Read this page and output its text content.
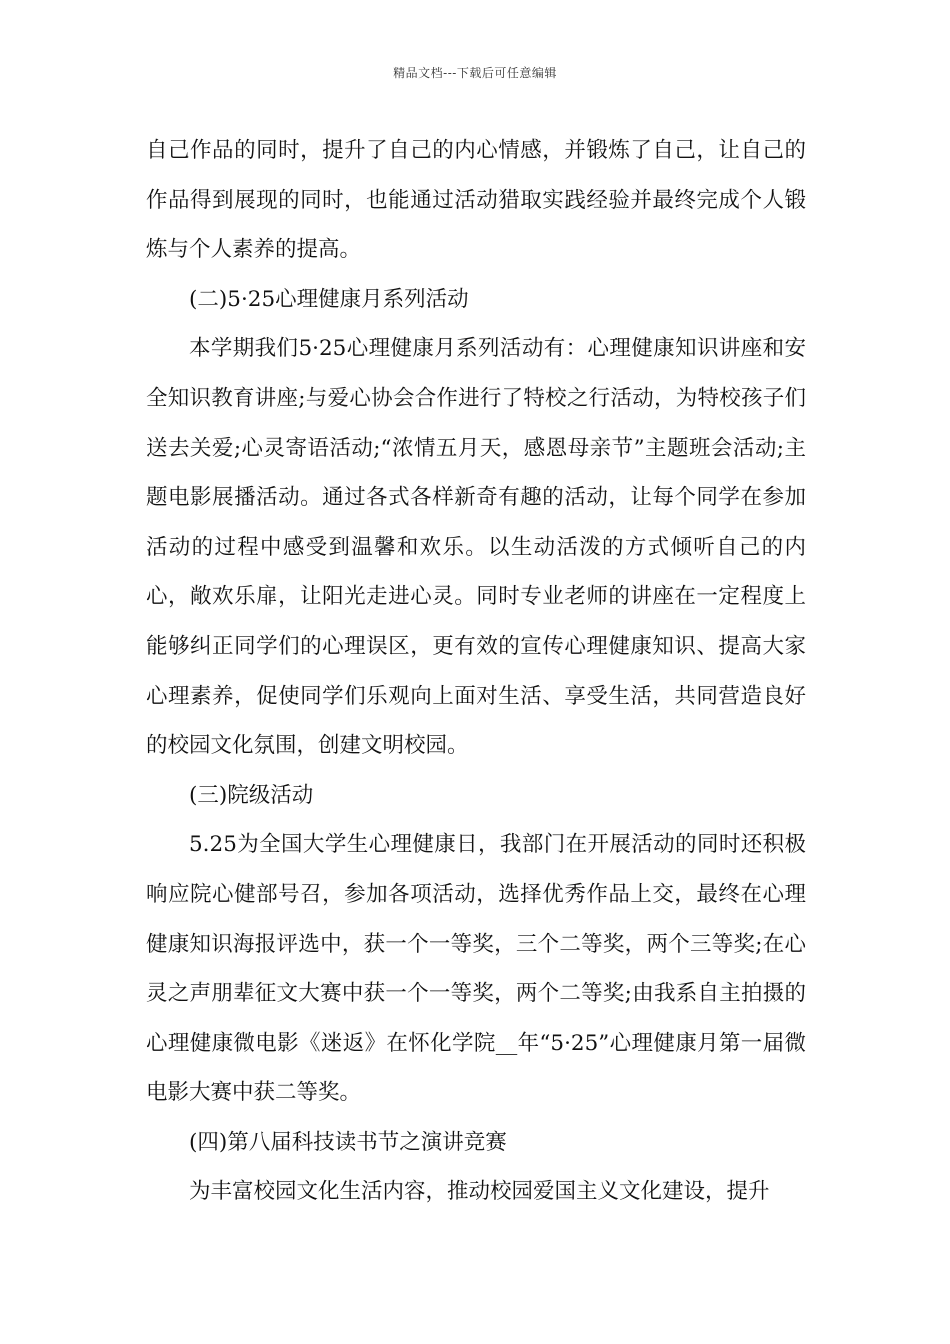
精品文档---下载后可任意编辑

自己作品的同时，提升了自己的内心情感，并锻炼了自己，让自己的作品得到展现的同时，也能通过活动猎取实践经验并最终完成个人锻炼与个人素养的提高。

(二)5·25心理健康月系列活动

本学期我们5·25心理健康月系列活动有：心理健康知识讲座和安全知识教育讲座;与爱心协会合作进行了特校之行活动，为特校孩子们送去关爱;心灵寄语活动;“浓情五月天，感恩母亲节”主题班会活动;主题电影展播活动。通过各式各样新奇有趣的活动，让每个同学在参加活动的过程中感受到温馨和欢乐。以生动活泼的方式倾听自己的内心，敞欢乐扉，让阳光走进心灵。同时专业老师的讲座在一定程度上能够纠正同学们的心理误区，更有效的宣传心理健康知识、提高大家心理素养，促使同学们乐观向上面对生活、享受生活，共同营造良好的校园文化氛围，创建文明校园。

(三)院级活动

5.25为全国大学生心理健康日，我部门在开展活动的同时还积极响应院心健部号召，参加各项活动，选择优秀作品上交，最终在心理健康知识海报评选中，获一个一等奖，三个二等奖，两个三等奖;在心灵之声朋辈征文大赛中获一个一等奖，两个二等奖;由我系自主拍摄的心理健康微电影《迷返》在怀化学院__年“5·25”心理健康月第一届微电影大赛中获二等奖。

(四)第八届科技读书节之演讲竞赛

为丰富校园文化生活内容，推动校园爱国主义文化建设，提升
